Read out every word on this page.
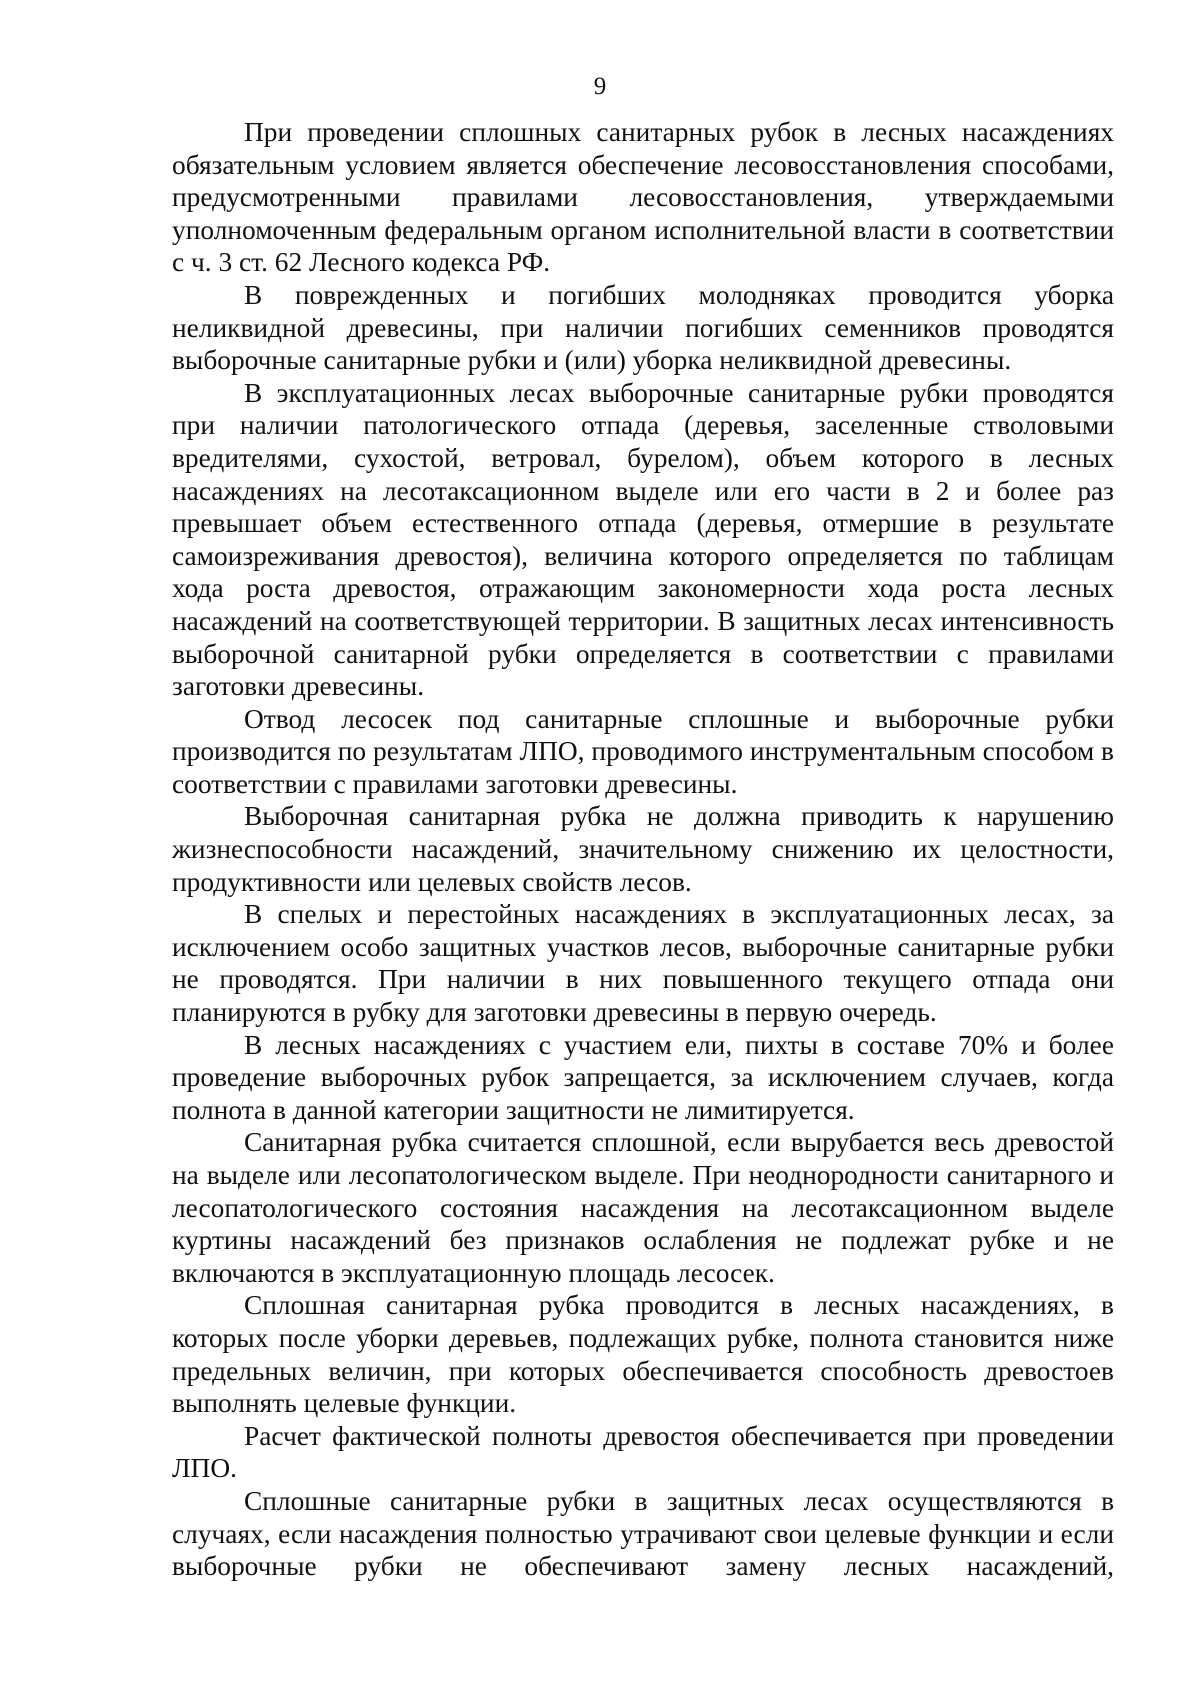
9

При проведении сплошных санитарных рубок в лесных насаждениях обязательным условием является обеспечение лесовосстановления способами, предусмотренными правилами лесовосстановления, утверждаемыми уполномоченным федеральным органом исполнительной власти в соответствии с ч. 3 ст. 62 Лесного кодекса РФ.

В поврежденных и погибших молодняках проводится уборка неликвидной древесины, при наличии погибших семенников проводятся выборочные санитарные рубки и (или) уборка неликвидной древесины.

В эксплуатационных лесах выборочные санитарные рубки проводятся при наличии патологического отпада (деревья, заселенные стволовыми вредителями, сухостой, ветровал, бурелом), объем которого в лесных насаждениях на лесотаксационном выделе или его части в 2 и более раз превышает объем естественного отпада (деревья, отмершие в результате самоизреживания древостоя), величина которого определяется по таблицам хода роста древостоя, отражающим закономерности хода роста лесных насаждений на соответствующей территории. В защитных лесах интенсивность выборочной санитарной рубки определяется в соответствии с правилами заготовки древесины.

Отвод лесосек под санитарные сплошные и выборочные рубки производится по результатам ЛПО, проводимого инструментальным способом в соответствии с правилами заготовки древесины.

Выборочная санитарная рубка не должна приводить к нарушению жизнеспособности насаждений, значительному снижению их целостности, продуктивности или целевых свойств лесов.

В спелых и перестойных насаждениях в эксплуатационных лесах, за исключением особо защитных участков лесов, выборочные санитарные рубки не проводятся. При наличии в них повышенного текущего отпада они планируются в рубку для заготовки древесины в первую очередь.

В лесных насаждениях с участием ели, пихты в составе 70% и более проведение выборочных рубок запрещается, за исключением случаев, когда полнота в данной категории защитности не лимитируется.

Санитарная рубка считается сплошной, если вырубается весь древостой на выделе или лесопатологическом выделе. При неоднородности санитарного и лесопатологического состояния насаждения на лесотаксационном выделе куртины насаждений без признаков ослабления не подлежат рубке и не включаются в эксплуатационную площадь лесосек.

Сплошная санитарная рубка проводится в лесных насаждениях, в которых после уборки деревьев, подлежащих рубке, полнота становится ниже предельных величин, при которых обеспечивается способность древостоев выполнять целевые функции.

Расчет фактической полноты древостоя обеспечивается при проведении ЛПО.

Сплошные санитарные рубки в защитных лесах осуществляются в случаях, если насаждения полностью утрачивают свои целевые функции и если выборочные рубки не обеспечивают замену лесных насаждений,
